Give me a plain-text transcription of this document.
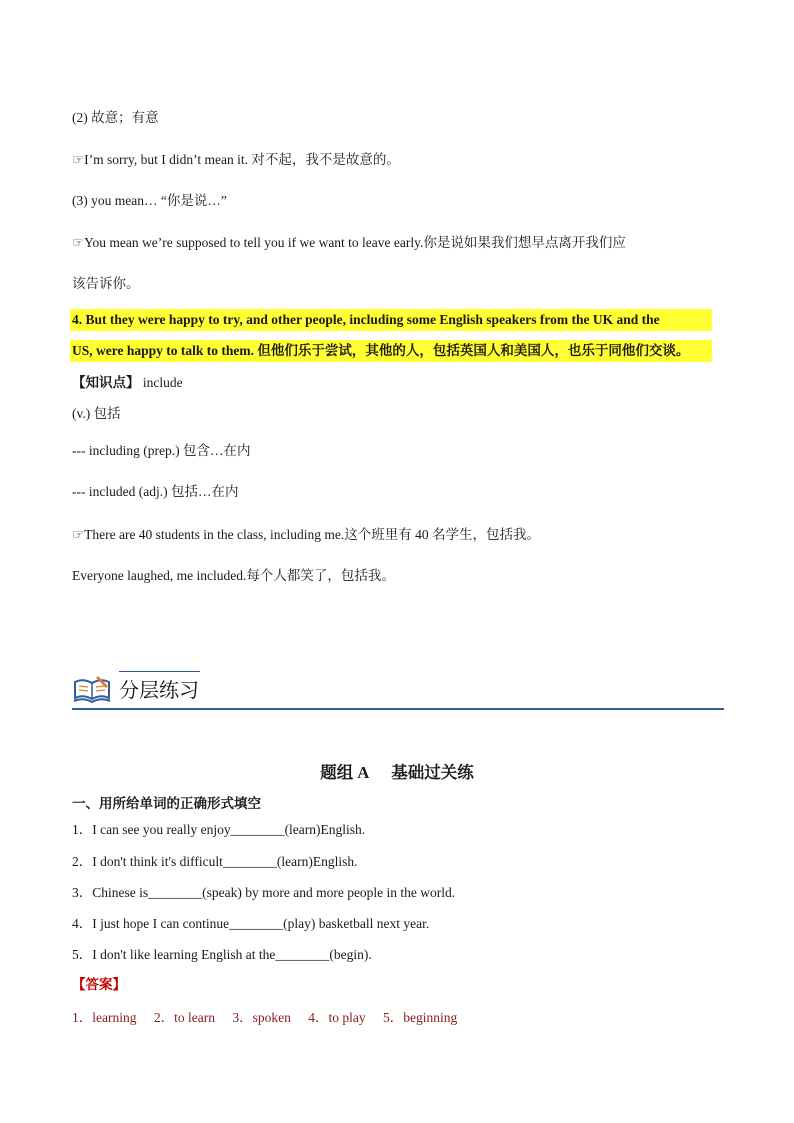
(2) 故意；有意
☞I’m sorry, but I didn’t mean it. 对不起，我不是故意的。
(3) you mean… “你是说…”
☞You mean we’re supposed to tell you if we want to leave early.你是说如果我们想早点离开我们应
该告诉你。
4. But they were happy to try, and other people, including some English speakers from the UK and the
US, were happy to talk to them. 但他们乐于尝试，其他的人，包括英国人和美国人，也乐于同他们交谈。
【知识点】 include
(v.) 包括
--- including (prep.) 包含…在内
--- included (adj.) 包括…在内
☞There are 40 students in the class, including me.这个班里有 40 名学生，包括我。
Everyone laughed, me included.每个人都笑了，包括我。
分层练习
题组 A 基础过关练
一、用所给单词的正确形式填空
1．I can see you really enjoy________(learn)English.
2．I don't think it's difficult________(learn)English.
3．Chinese is________(speak) by more and more people in the world.
4．I just hope I can continue________(play) basketball next year.
5．I don't like learning English at the________(begin).
【答案】
1．learning 2．to learn 3．spoken 4．to play 5．beginning
